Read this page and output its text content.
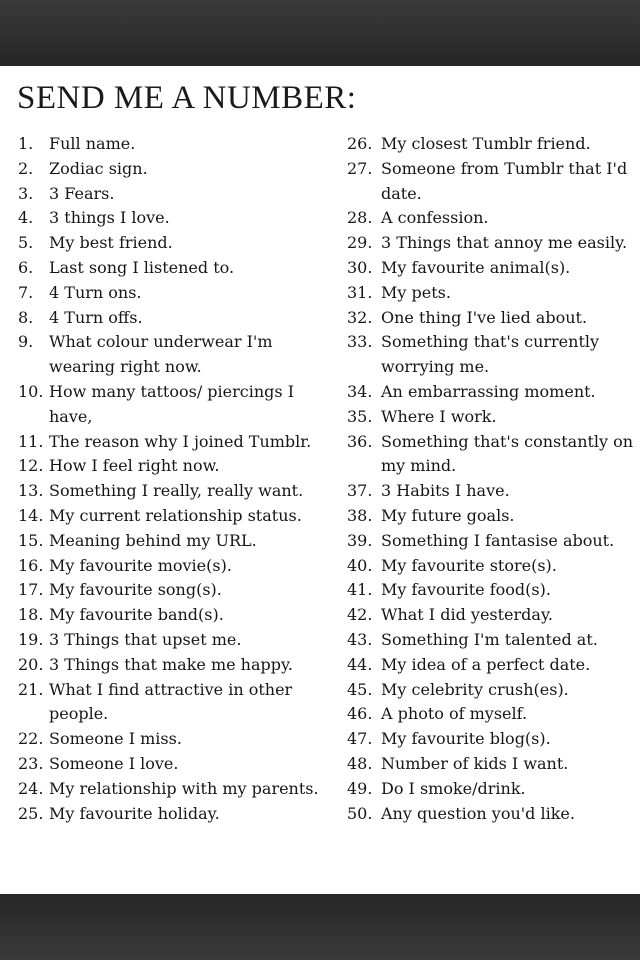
SEND ME A NUMBER:
1. Full name.
2. Zodiac sign.
3. 3 Fears.
4. 3 things I love.
5. My best friend.
6. Last song I listened to.
7. 4 Turn ons.
8. 4 Turn offs.
9. What colour underwear I'm wearing right now.
10. How many tattoos/ piercings I have,
11. The reason why I joined Tumblr.
12. How I feel right now.
13. Something I really, really want.
14. My current relationship status.
15. Meaning behind my URL.
16. My favourite movie(s).
17. My favourite song(s).
18. My favourite band(s).
19. 3 Things that upset me.
20. 3 Things that make me happy.
21. What I find attractive in other people.
22. Someone I miss.
23. Someone I love.
24. My relationship with my parents.
25. My favourite holiday.
26. My closest Tumblr friend.
27. Someone from Tumblr that I'd date.
28. A confession.
29. 3 Things that annoy me easily.
30. My favourite animal(s).
31. My pets.
32. One thing I've lied about.
33. Something that's currently worrying me.
34. An embarrassing moment.
35. Where I work.
36. Something that's constantly on my mind.
37. 3 Habits I have.
38. My future goals.
39. Something I fantasise about.
40. My favourite store(s).
41. My favourite food(s).
42. What I did yesterday.
43. Something I'm talented at.
44. My idea of a perfect date.
45. My celebrity crush(es).
46. A photo of myself.
47. My favourite blog(s).
48. Number of kids I want.
49. Do I smoke/drink.
50. Any question you'd like.
